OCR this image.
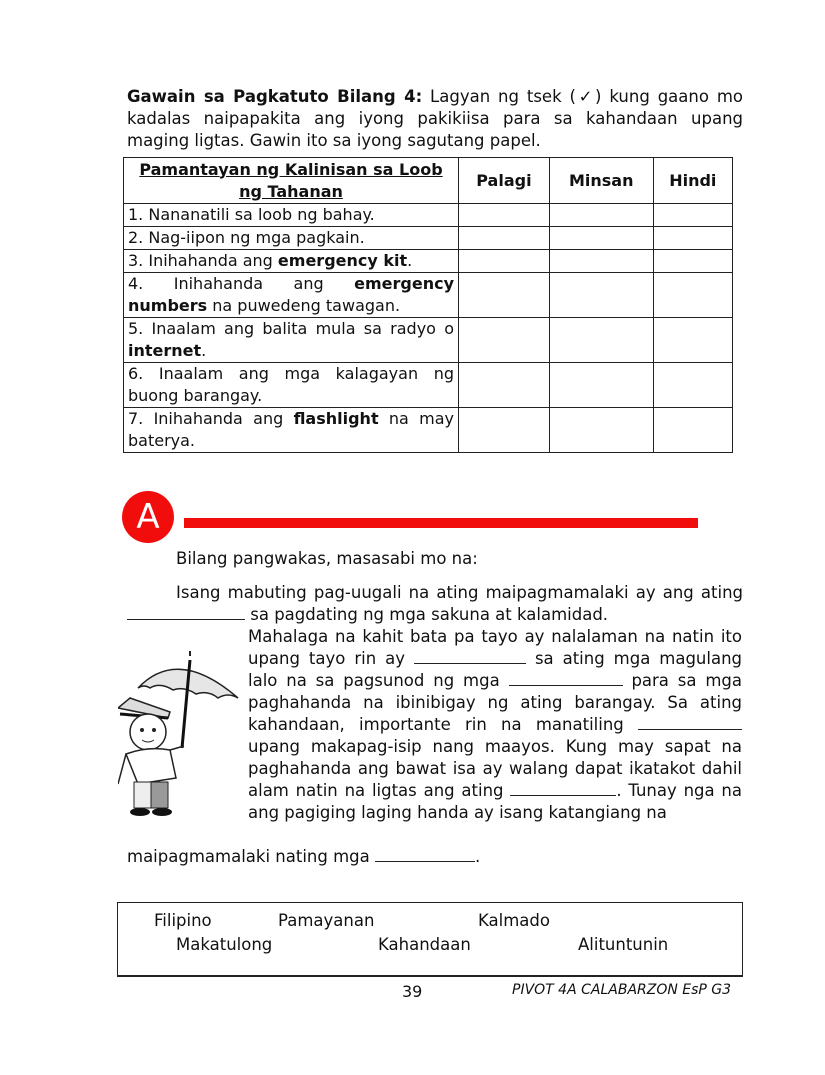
Gawain sa Pagkatuto Bilang 4: Lagyan ng tsek (✓) kung gaano mo kadalas naipapakita ang iyong pakikiisa para sa kahandaan upang maging ligtas. Gawin ito sa iyong sagutang papel.
Pamantayan ng Kalinisan sa Loob ng Tahanan	Palagi	Minsan	Hindi
1. Nananatili sa loob ng bahay.			
2. Nag-iipon ng mga pagkain.			
3. Inihahanda ang emergency kit.			
4. Inihahanda ang emergency numbers na puwedeng tawagan.			
5. Inaalam ang balita mula sa radyo o internet.			
6. Inaalam ang mga kalagayan ng buong barangay.			
7. Inihahanda ang flashlight na may baterya.			
A
Bilang pangwakas, masasabi mo na:
Isang mabuting pag-uugali na ating maipagmamalaki ay ang ating  sa pagdating ng mga sakuna at kalamidad.
Mahalaga na kahit bata pa tayo ay nalalaman na natin ito upang tayo rin ay	sa ating mga magulang lalo na sa pagsunod ng mga	para sa mga paghahanda na ibinibigay ng ating barangay. Sa ating kahandaan, importante rin na manatiling  upang makapag-isip nang maayos. Kung may sapat na paghahanda ang bawat isa ay walang dapat ikatakot dahil alam natin na ligtas ang ating	. Tunay nga na ang pagiging laging handa ay isang katangiang na
maipagmamalaki nating mga	.
Filipino	Pamayanan	Kalmado
Makatulong	Kahandaan	Alituntunin
39	PIVOT 4A CALABARZON EsP G3
